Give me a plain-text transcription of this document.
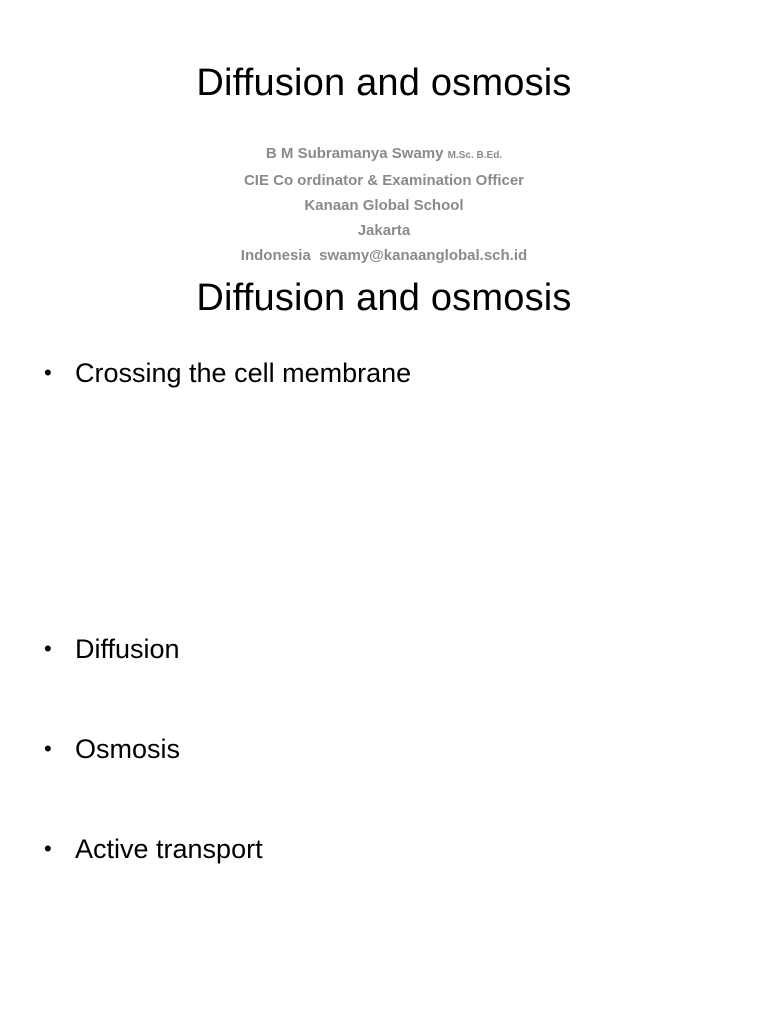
Diffusion and osmosis
B M Subramanya Swamy M.Sc. B.Ed.
CIE Co ordinator & Examination Officer
Kanaan Global School
Jakarta
Indonesia  swamy@kanaanglobal.sch.id
Diffusion and osmosis
• Crossing the cell membrane
• Diffusion
• Osmosis
• Active transport
